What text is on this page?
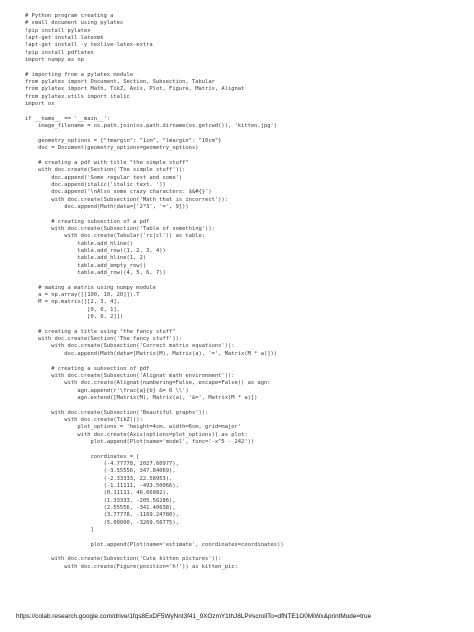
# Python program creating a
# small document using pylatex
!pip install pylatex
!apt-get install latexmk
!apt-get install -y texlive-latex-extra
!pip install pdflatex
import numpy as np

# importing from a pylatex module
from pylatex import Document, Section, Subsection, Tabular
from pylatex import Math, TikZ, Axis, Plot, Figure, Matrix, Alignat
from pylatex.utils import italic
import os

if __name__ == '__main__':
image_filename = os.path.join(os.path.dirname(os.getcwd()), 'kitten.jpg')

geometry_options = {"tmargin": "1cm", "lmargin": "10cm"}
doc = Document(geometry_options=geometry_options)

# creating a pdf with title "the simple stuff"
with doc.create(Section('The simple stuff')):
doc.append('Some regular text and some')
doc.append(italic('italic text. '))
doc.append('\nAlso some crazy characters: $&#{}')
with doc.create(Subsection('Math that is incorrect')):
doc.append(Math(data=['2*3', '=', 9]))

# creating subsection of a pdf
with doc.create(Subsection('Table of something')):
with doc.create(Tabular('rc|cl')) as table:
table.add_hline()
table.add_row((1, 2, 3, 4))
table.add_hline(1, 2)
table.add_empty_row()
table.add_row((4, 5, 6, 7))

# making a matrix using numpy module
a = np.array([[100, 10, 20]]).T
M = np.matrix([[2, 3, 4],
[0, 0, 1],
[0, 0, 2]])

# creating a title using "the fancy stuff"
with doc.create(Section('The fancy stuff')):
with doc.create(Subsection('Correct matrix equations')):
doc.append(Math(data=[Matrix(M), Matrix(a), '=', Matrix(M * a)]))

# creating a subsection of pdf
with doc.create(Subsection('Alignat math environment')):
with doc.create(Alignat(numbering=False, escape=False)) as agn:
agn.append(r'\frac{a}{b} &= 0 \\')
agn.extend([Matrix(M), Matrix(a), '&=', Matrix(M * a)])

with doc.create(Subsection('Beautiful graphs')):
with doc.create(TikZ()):
plot_options = 'height=4cm, width=6cm, grid=major'
with doc.create(Axis(options=plot_options)) as plot:
plot.append(Plot(name='model', func='-x^5 - 242'))

coordinates = [
(-4.77778, 2027.60977),
(-3.55556, 347.84069),
(-2.33333, 22.58953),
(-1.11111, -493.50066),
(0.11111, 46.66082),
(1.33333, -205.56286),
(2.55556, -341.40638),
(3.77778, -1169.24780),
(5.00000, -3269.56775),
]

plot.append(Plot(name='estimate', coordinates=coordinates))

with doc.create(Subsection('Cute kitten pictures')):
with doc.create(Figure(position='h!')) as kitten_pic:
https://colab.research.google.com/drive/1fqs8ExDF5WyNnt3f41_9XOzmY1thJ8LP#scrollTo=dfNTE1O0MiWx&printMode=true
